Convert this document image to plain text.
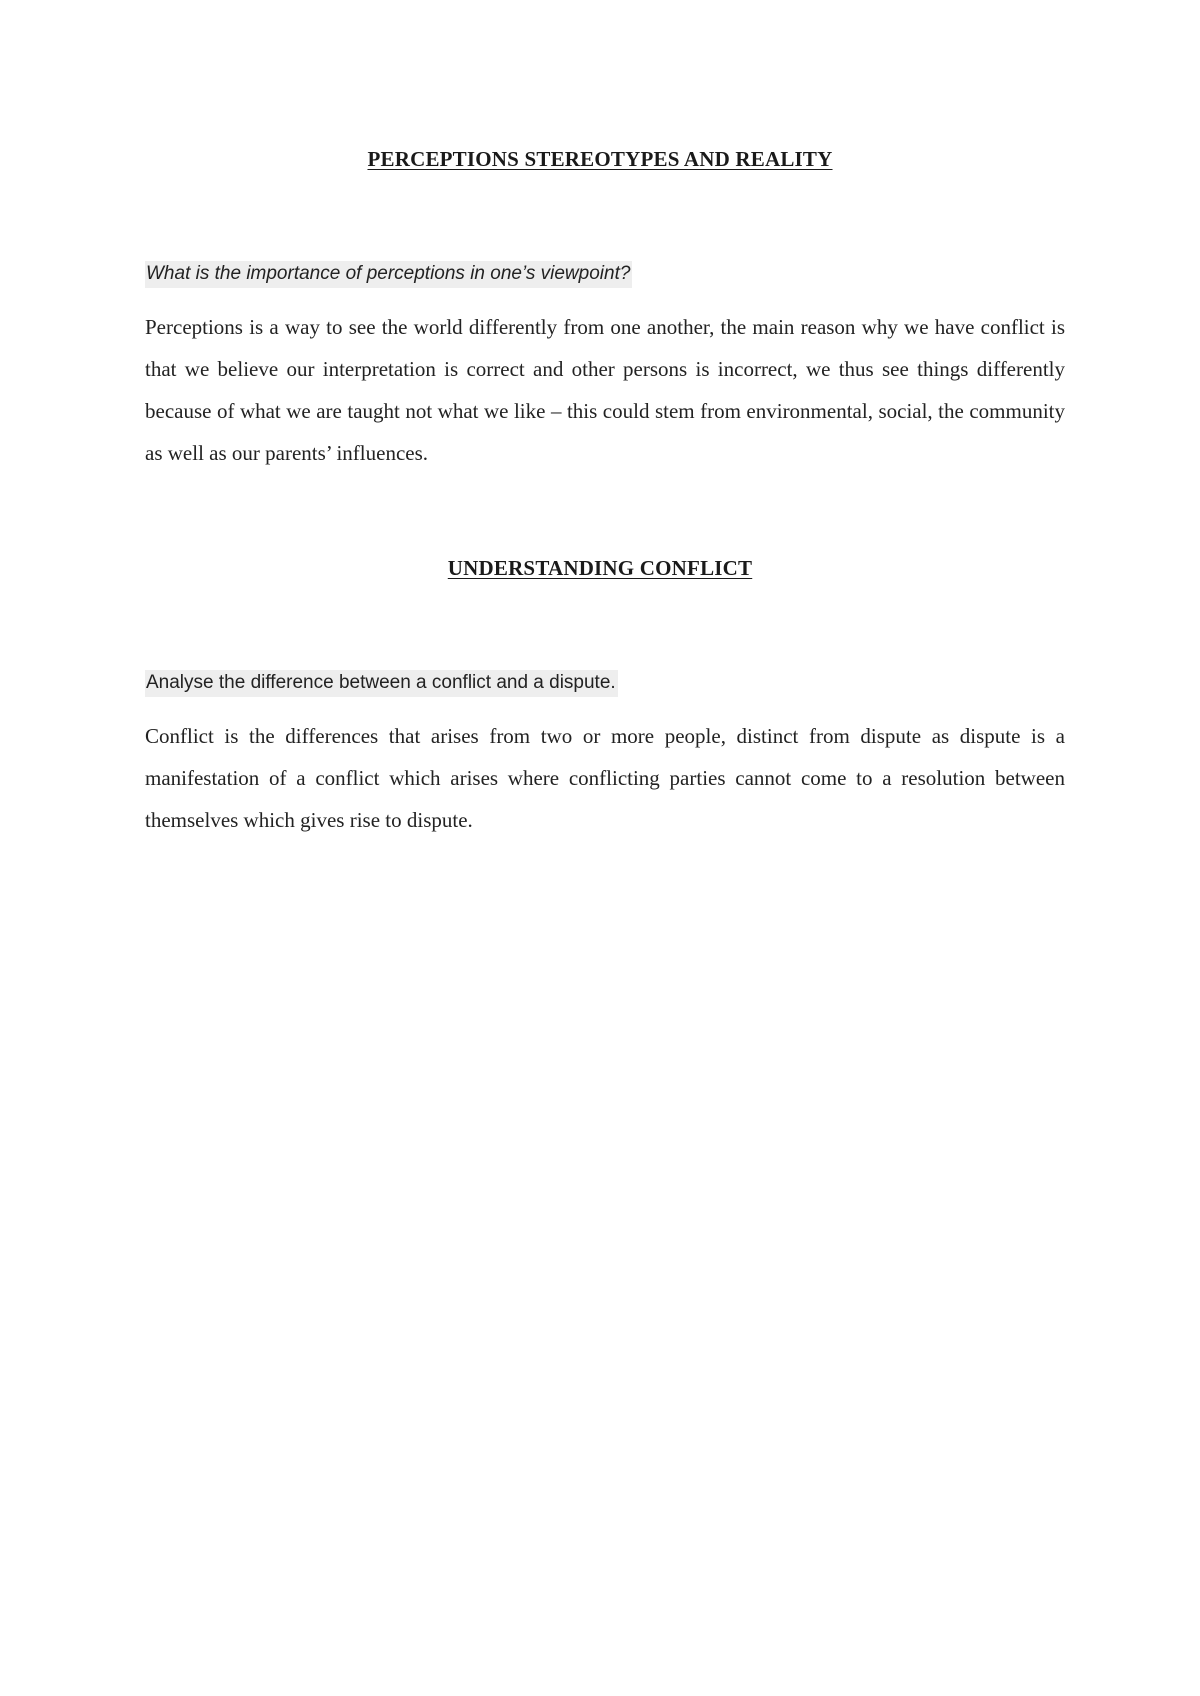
PERCEPTIONS STEREOTYPES AND REALITY
What is the importance of perceptions in one’s viewpoint?

Perceptions is a way to see the world differently from one another, the main reason why we have conflict is that we believe our interpretation is correct and other persons is incorrect, we thus see things differently because of what we are taught not what we like – this could stem from environmental, social, the community as well as our parents’ influences.

UNDERSTANDING CONFLICT
Analyse the difference between a conflict and a dispute.

Conflict is the differences that arises from two or more people, distinct from dispute as dispute is a manifestation of a conflict which arises where conflicting parties cannot come to a resolution between themselves which gives rise to dispute.
